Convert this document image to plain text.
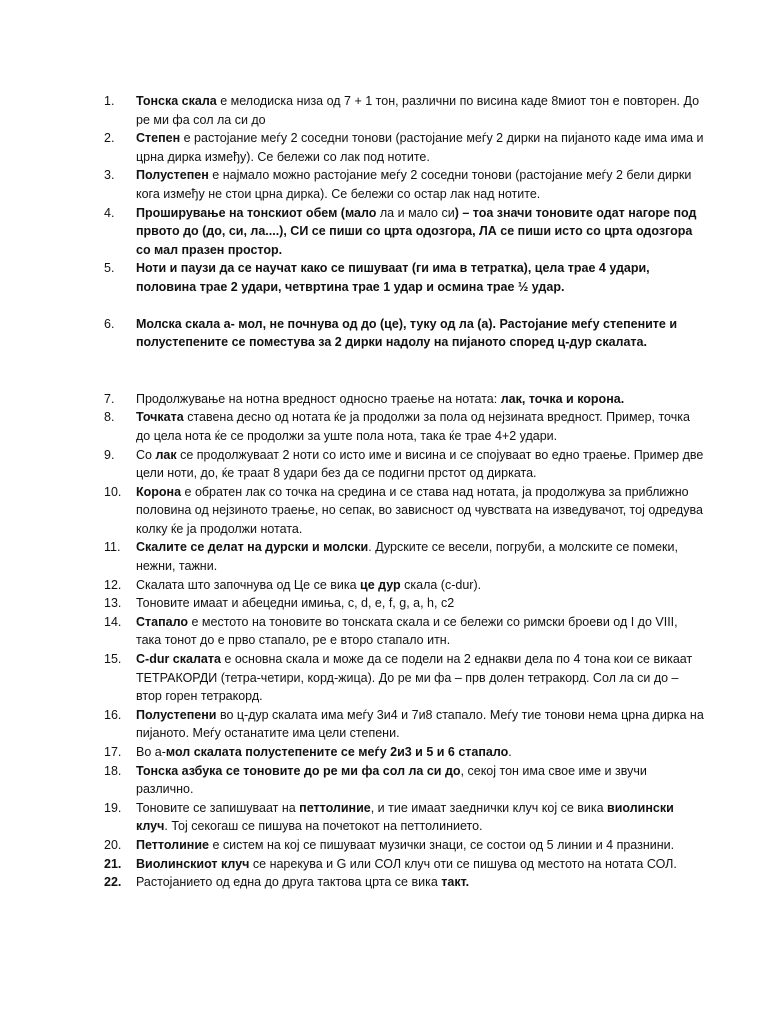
1. Тонска скала е мелодиска низа од 7 + 1 тон, различни по висина каде 8миот тон е повторен. До ре ми фа сол ла си до
2. Степен е растојание меѓу 2 соседни тонови (растојание меѓу 2 дирки на пијаното каде има има и црна дирка између). Се бележи со лак под нотите.
3. Полустепен е најмало можно растојание меѓу 2 соседни тонови (растојание меѓу 2 бели дирки кога између не стои црна дирка). Се бележи со остар лак над нотите.
4. Проширување на тонскиот обем (мало ла и мало си) – тоа значи тоновите одат нагоре под првото до (до, си, ла....), СИ се пиши со црта одозгора, ЛА се пиши исто со црта одозгора со мал празен простор.
5. Ноти и паузи да се научат како се пишуваат (ги има в тетратка), цела трае 4 удари, половина трае 2 удари, четвртина трае 1 удар и осмина трае ½ удар.
6. Молска скала а- мол, не почнува од до (це), туку од ла (а). Растојание меѓу степените и полустепените се поместува за 2 дирки надолу на пијаното според ц-дур скалата.
7. Продолжување на нотна вредност односно траење на нотата: лак, точка и корона.
8. Точката ставена десно од нотата ќе ја продолжи за пола од нејзината вредност. Пример, точка до цела нота ќе се продолжи за уште пола нота, така ќе трае 4+2 удари.
9. Со лак се продолжуваат 2 ноти со исто име и висина и се спојуваат во едно траење. Пример две цели ноти, до, ќе траат 8 удари без да се подигни прстот од дирката.
10. Корона е обратен лак со точка на средина и се става над нотата, ја продолжува за приближно половина од нејзиното траење, но сепак, во зависност од чувствата на изведувачот, тој одредува колку ќе ја продолжи нотата.
11. Скалите се делат на дурски и молски. Дурските се весели, погруби, а молските се помеки, нежни, тажни.
12. Скалата што започнува од Це се вика це дур скала (c-dur).
13. Тоновите имаат и абецедни имиња, c, d, e, f, g, a, h, c2
14. Стапало е местото на тоновите во тонската скала и се бележи со римски броеви од I до VIII, така тонот до е прво стапало, ре е второ стапало итн.
15. C-dur скалата е основна скала и може да се подели на 2 еднакви дела по 4 тона кои се викаат ТЕТРАКОРДИ (тетра-четири, корд-жица). До ре ми фа – прв долен тетракорд. Сол ла си до – втор горен тетракорд.
16. Полустепени во ц-дур скалата има меѓу 3и4 и 7и8 стапало. Меѓу тие тонови нема црна дирка на пијаното. Меѓу останатите има цели степени.
17. Во а-мол скалата полустепените се меѓу 2и3 и 5 и 6 стапало.
18. Тонска азбука се тоновите до ре ми фа сол ла си до, секој тон има свое име и звучи различно.
19. Тоновите се запишуваат на петтолиние, и тие имаат заеднички клуч кој се вика виолински клуч. Тој секогаш се пишува на почетокот на петтолинието.
20. Петтолиние е систем на кој се пишуваат музички знаци, се состои од 5 линии и 4 празнини.
21. Виолинскиот клуч се нарекува и G или СОЛ клуч оти се пишува од местото на нотата СОЛ.
22. Растојанието од една до друга тактова црта се вика такт.
